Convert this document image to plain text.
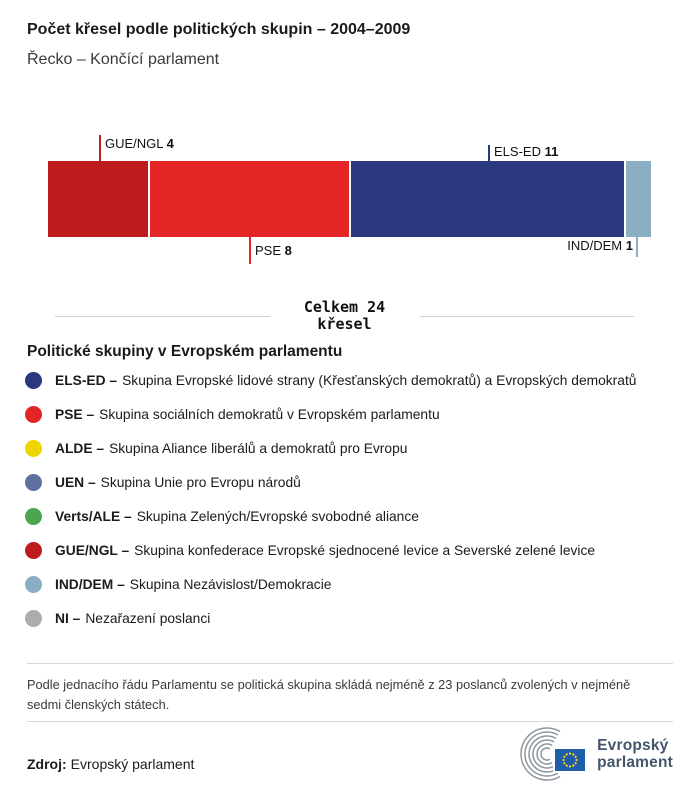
Počet křesel podle politických skupin – 2004–2009
Řecko – Končící parlament
GUE/NGL 4
ELS-ED 11
PSE 8	IND/DEM 1
Celkem 24
křesel
Politické skupiny v Evropském parlamentu
ELS-ED – Skupina Evropské lidové strany (Křesťanských demokratů) a Evropských demokratů
PSE – Skupina sociálních demokratů v Evropském parlamentu
ALDE – Skupina Aliance liberálů a demokratů pro Evropu
UEN – Skupina Unie pro Evropu národů
Verts/ALE – Skupina Zelených/Evropské svobodné aliance
GUE/NGL – Skupina konfederace Evropské sjednocené levice a Severské zelené levice
IND/DEM – Skupina Nezávislost/Demokracie
NI – Nezařazení poslanci
Podle jednacího řádu Parlamentu se politická skupina skládá nejméně z 23 poslanců zvolených v nejméně sedmi členských státech.
Zdroj: Evropský parlament
Evropský
parlament
